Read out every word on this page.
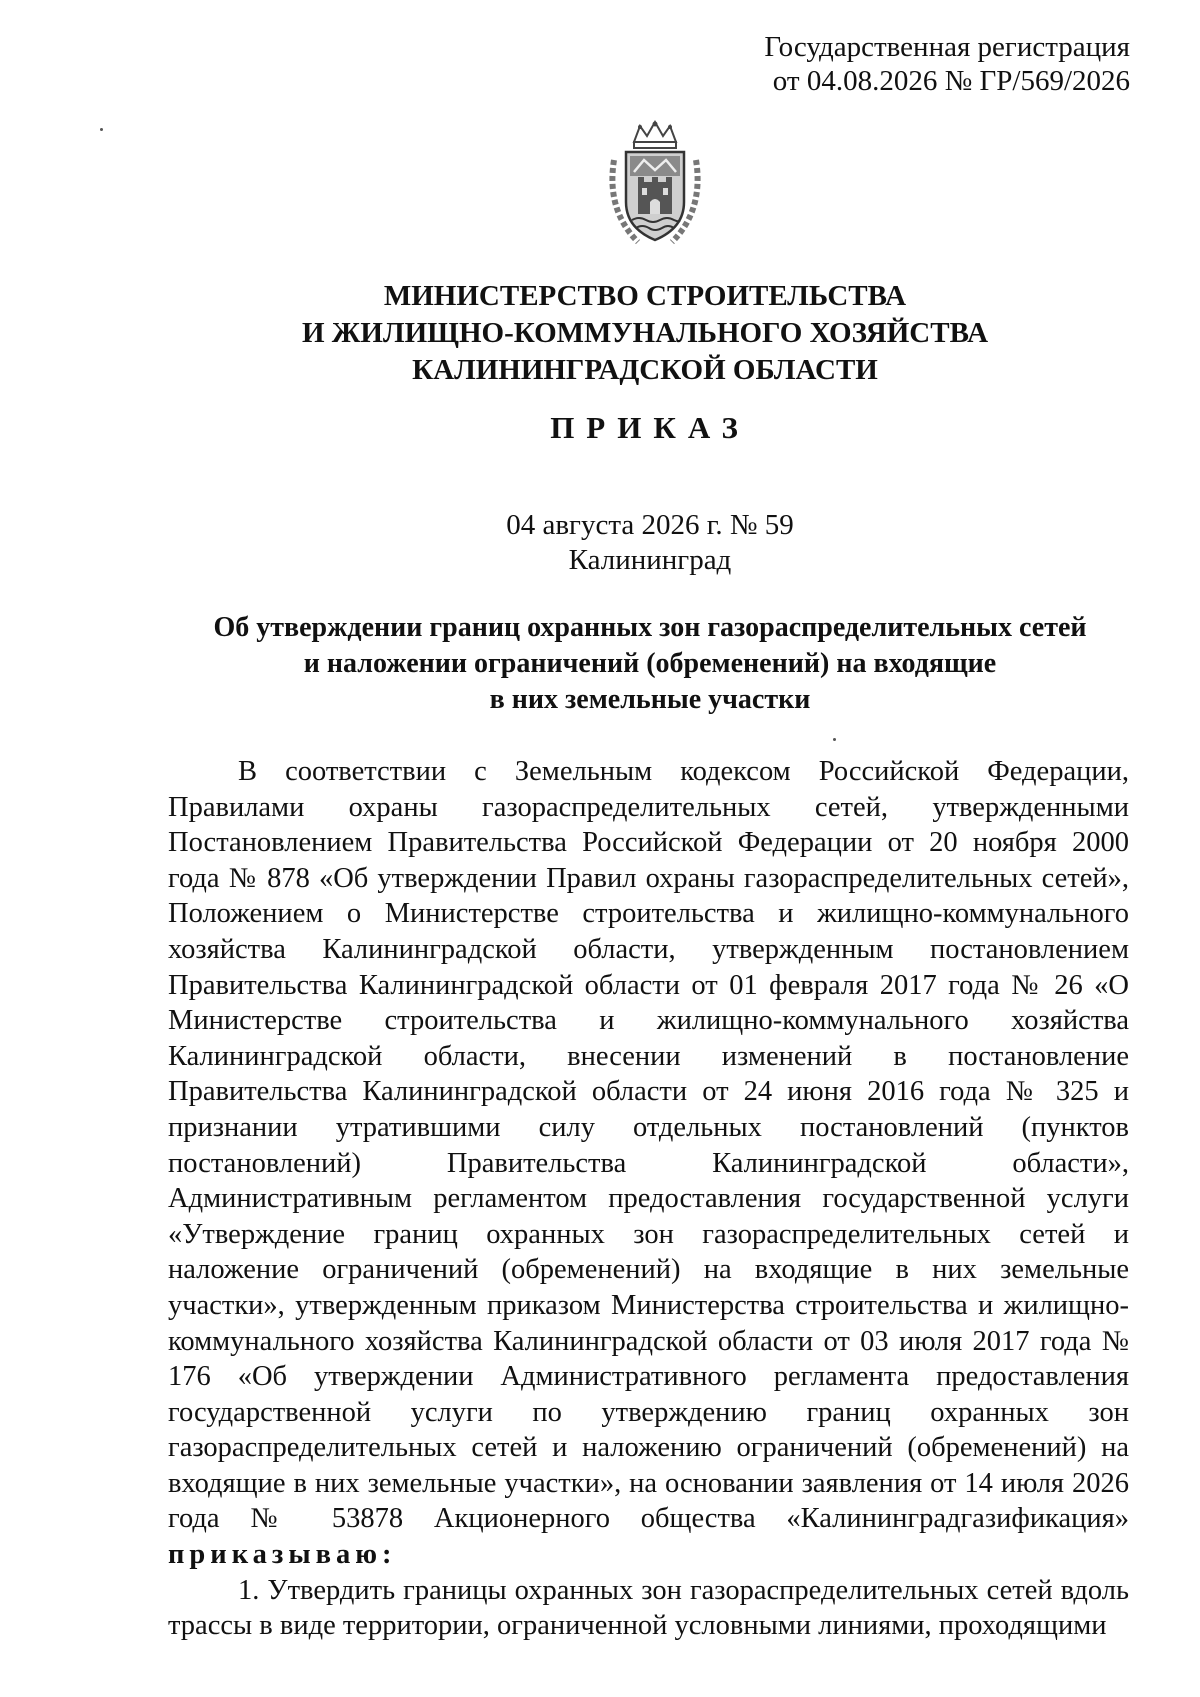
Государственная регистрация
от 04.08.2026 № ГР/569/2026
МИНИСТЕРСТВО СТРОИТЕЛЬСТВА
И ЖИЛИЩНО-КОММУНАЛЬНОГО ХОЗЯЙСТВА
КАЛИНИНГРАДСКОЙ ОБЛАСТИ
ПРИКАЗ
04 августа 2026 г. № 59
Калининград
Об утверждении границ охранных зон газораспределительных сетей
и наложении ограничений (обременений) на входящие
в них земельные участки

В соответствии с Земельным кодексом Российской Федерации, Правилами охраны газораспределительных сетей, утвержденными Постановлением Правительства Российской Федерации от 20 ноября 2000 года № 878 «Об утверждении Правил охраны газораспределительных сетей», Положением о Министерстве строительства и жилищно-коммунального хозяйства Калининградской области, утвержденным постановлением Правительства Калининградской области от 01 февраля 2017 года № 26 «О Министерстве строительства и жилищно-коммунального хозяйства Калининградской области, внесении изменений в постановление Правительства Калининградской области от 24 июня 2016 года № 325 и признании утратившими силу отдельных постановлений (пунктов постановлений) Правительства Калининградской области», Административным регламентом предоставления государственной услуги «Утверждение границ охранных зон газораспределительных сетей и наложение ограничений (обременений) на входящие в них земельные участки», утвержденным приказом Министерства строительства и жилищно-коммунального хозяйства Калининградской области от 03 июля 2017 года № 176 «Об утверждении Административного регламента предоставления государственной услуги по утверждению границ охранных зон газораспределительных сетей и наложению ограничений (обременений) на входящие в них земельные участки», на основании заявления от 14 июля 2026 года № 53878 Акционерного общества «Калининградгазификация» приказываю:

1. Утвердить границы охранных зон газораспределительных сетей вдоль трассы в виде территории, ограниченной условными линиями, проходящими
